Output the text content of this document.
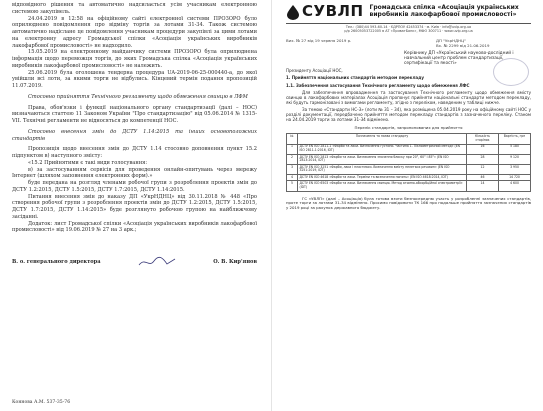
відповідного рішення та автоматично надсилається усім учасникам електронною системою закупівель.

24.04.2019 в 12:58 на офіційному сайті електронної системи ПРОЗОРО було оприлюднено повідомлення про відміну торгів за лотами 31-34. Також системою автоматично надіслане це повідомлення учасникам процедури закупівлі за цими лотами на електронну адресу Громадської спілки «Асоціація українських виробників лакофарбової промисловості» не надходило.

15.05.2019 на електронному майданчику системи ПРОЗОРО була оприлюднена інформація щодо переможця торгів, до яких Громадська спілка «Асоціація українських виробників лакофарбової промисловості» не належить.

25.06.2019 була оголошена тендерна процедура UA-2019-06-25-000440-a, до якої увійшли всі лоти, за якими торги не відбулись. Кінцевий термін подання пропозицій 11.07.2019.

Стосовно прийняття Технічного регламенту щодо обмеження свинцю в ЛФМ

Права, обов'язки і функції національного органу стандартизації (далі – НОС) визначаються статтею 11 Законом України "Про стандартизацію" від 05.06.2014 № 1315-VII. Технічні регламенти не відносяться до компетенції НОС.

Стосовно внесення змін до ДСТУ 1.14:2015 та інших основоположних стандартів

Пропозиція щодо внесення змін до ДСТУ 1.14 стосовно доповнення пункт 15.2 підпунктом в) наступного змісту:

«15.2 Прийнятими є такі види голосування:

в) за застосуванням сервісів для проведення онлайн-опитувань через мережу Інтернет (шляхом заповнення електронних форм).»

буде передана на розгляд членами робочої групи з розроблення проектів змін до ДСТУ 1.2:2015, ДСТУ 1.5:2015, ДСТУ 1.7:2015, ДСТУ 1.14:2015.

Питання внесення змін до наказу ДП «УкрНДНЦ» від 30.11.2018 № 448 «Про створення робочої групи з розроблення проектів змін до ДСТУ 1.2:2015, ДСТУ 1.5:2015, ДСТУ 1.7:2015, ДСТУ 1.14:2015» буде розглянуто робочою групою на найближчому засіданні.

Додаток: лист Громадської спілки «Асоціація українських виробників лакофарбової промисловості» від 19.06.2019 № 27 на 3 арк.;

В. о. генерального директора	О. В. Кир'янов
Коннова А.М. 537-35-76
СУВЛП Громадська спілка «Асоціація українських виробників лакофарбової промисловості»
Тел.: (380)44 593-60-14 · ЄДРПОУ 42453374 · м. Київ · info@uvlp.org.ua
р/р 26005053722005 в АТ «ПриватБанк», МФО 300711 · www.uvlp.org.ua
Вих. № 27 від 19 червня 2019 р.	ДП "УкрНДНЦ"
Вх. № 2299 від 21.06.2019
Керівнику ДП «Український науково-дослідний і навчальний центр проблем стандартизації, сертифікації та якості»
Президенту Асоціації НОС,
1. Прийняття національних стандартів методом перекладу
1.1. Забезпечення застосування Технічного регламенту щодо обмеження ЛФС

Для забезпечення впровадження та застосування Технічного регламенту щодо обмеження вмісту свинцю в лакофарбових матеріалах Асоціація пропонує прийняти національні стандарти методом перекладу, які будуть гармонізовані з вимогами регламенту, згідно з переліком, наведеним у таблиці нижче.

За темою «Стандарти НС-3» (лоти № 31 – 34), яка розміщена 05.04.2019 року на офіційному сайті НОС у розділі документації, передбачено прийняття методом перекладу стандартів з зазначеного переліку. Станом на 24.04.2019 торги за лотами 31-34 відмінено.

Перелік стандартів, запропонованих для прийняття
№	Позначення та назва стандарту	Кількість сторінок	Вартість, грн
1	ДСТУ EN ISO 2811-1 «Фарби та лаки. Визначення густини. Частина 1. Пікнометричний метод» (EN ISO 2811-1:2016, IDT)	16	5 180
2	ДСТУ EN ISO 2813 «Фарби та лаки. Визначення значення блиску при 20°, 60° і 85°» (EN ISO 2813:2014, IDT)	28	9 120
3	ДСТУ EN ISO 3251 «Фарби, лаки і пластмаси. Визначення вмісту нелетких речовин» (EN ISO 3251:2019, IDT)	12	3 950
4	ДСТУ EN ISO 4618 «Фарби та лаки. Терміни та визначення понять» (EN ISO 4618:2014, IDT)	46	14 720
5	ДСТУ EN ISO 6503 «Фарби та лаки. Визначення свинцю. Метод атомно-абсорбційної спектрометрії» (IDT)	14	4 600

ГС «УВЛП» (далі – Асоціація) була готова взяти безпосередню участь у розробленні зазначених стандартів, проте торги за лотами 31-34 відмінено. Просимо повідомити ТК 166 про подальше прийняття зазначених стандартів у 2019 році за рахунок державного бюджету.
